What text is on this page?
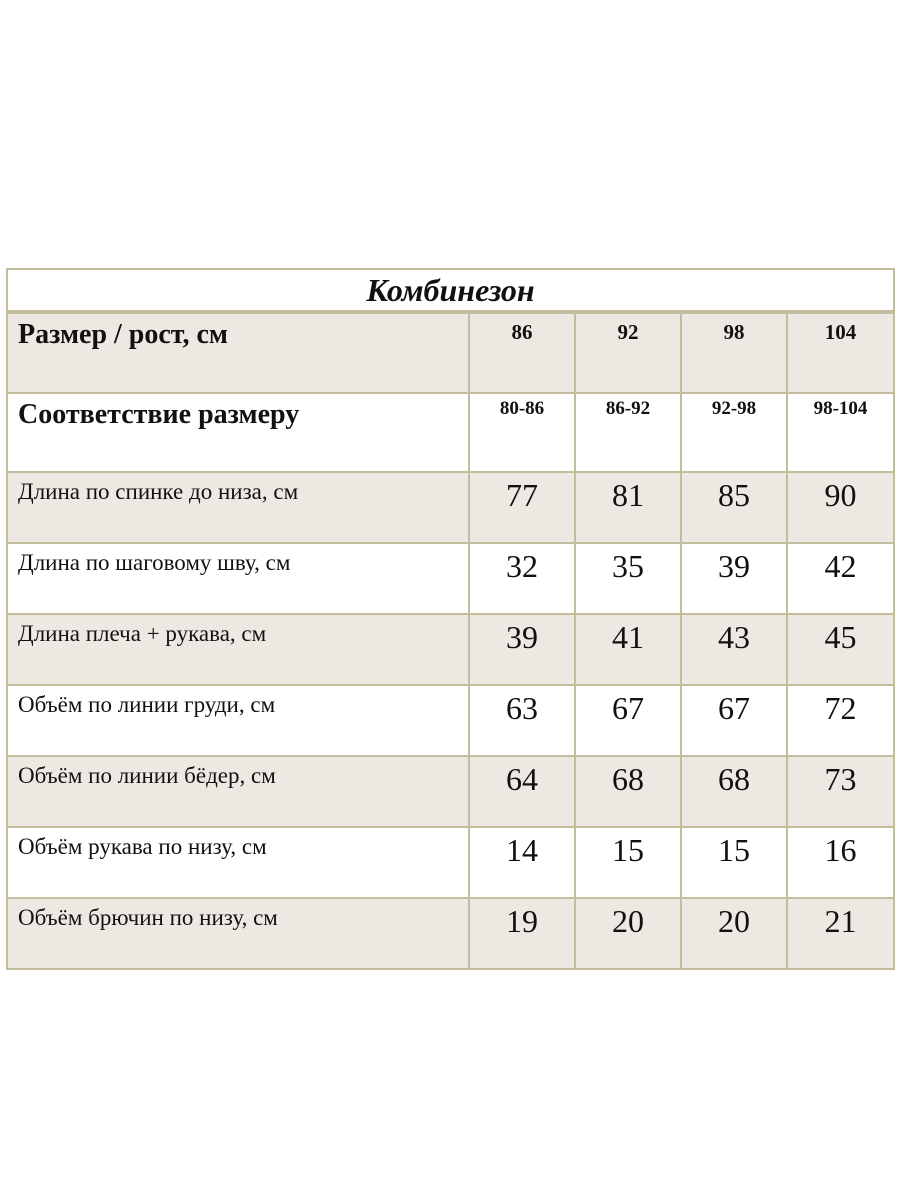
Комбинезон				
Размер / рост, см	86	92	98	104
Соответствие размеру	80-86	86-92	92-98	98-104
Длина по спинке до низа, см	77	81	85	90
Длина по шаговому шву, см	32	35	39	42
Длина плеча + рукава, см	39	41	43	45
Объём по линии груди, см	63	67	67	72
Объём по линии бёдер, см	64	68	68	73
Объём рукава по низу, см	14	15	15	16
Объём брючин по низу, см	19	20	20	21
